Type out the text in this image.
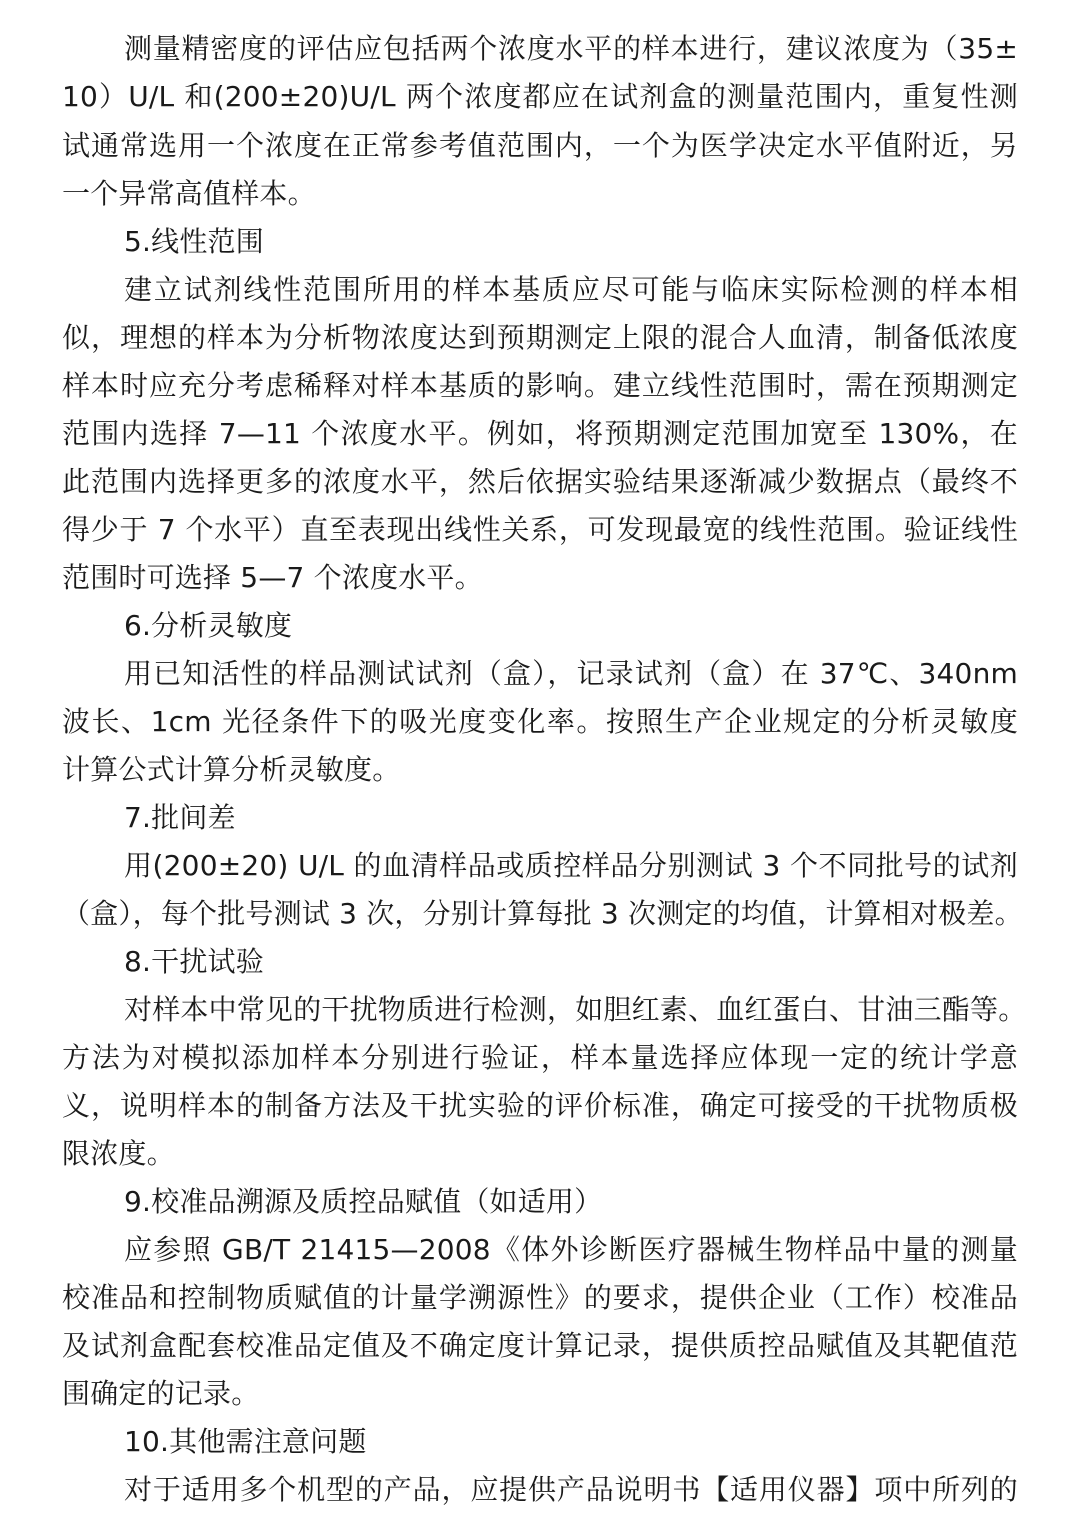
测量精密度的评估应包括两个浓度水平的样本进行，建议浓度为（35±
10）U/L 和(200±20)U/L 两个浓度都应在试剂盒的测量范围内，重复性测
试通常选用一个浓度在正常参考值范围内，一个为医学决定水平值附近，另
一个异常高值样本。
5.线性范围
建立试剂线性范围所用的样本基质应尽可能与临床实际检测的样本相
似，理想的样本为分析物浓度达到预期测定上限的混合人血清，制备低浓度
样本时应充分考虑稀释对样本基质的影响。建立线性范围时，需在预期测定
范围内选择 7—11 个浓度水平。例如，将预期测定范围加宽至 130%，在
此范围内选择更多的浓度水平，然后依据实验结果逐渐减少数据点（最终不
得少于 7 个水平）直至表现出线性关系，可发现最宽的线性范围。验证线性
范围时可选择 5—7 个浓度水平。
6.分析灵敏度
用已知活性的样品测试试剂（盒），记录试剂（盒）在 37℃、340nm
波长、1cm 光径条件下的吸光度变化率。按照生产企业规定的分析灵敏度
计算公式计算分析灵敏度。
7.批间差
用(200±20) U/L 的血清样品或质控样品分别测试 3 个不同批号的试剂
（盒），每个批号测试 3 次，分别计算每批 3 次测定的均值，计算相对极差。
8.干扰试验
对样本中常见的干扰物质进行检测，如胆红素、血红蛋白、甘油三酯等。
方法为对模拟添加样本分别进行验证，样本量选择应体现一定的统计学意
义，说明样本的制备方法及干扰实验的评价标准，确定可接受的干扰物质极
限浓度。
9.校准品溯源及质控品赋值（如适用）
应参照 GB/T 21415—2008《体外诊断医疗器械生物样品中量的测量
校准品和控制物质赋值的计量学溯源性》的要求，提供企业（工作）校准品
及试剂盒配套校准品定值及不确定度计算记录，提供质控品赋值及其靶值范
围确定的记录。
10.其他需注意问题
对于适用多个机型的产品，应提供产品说明书【适用仪器】项中所列的
